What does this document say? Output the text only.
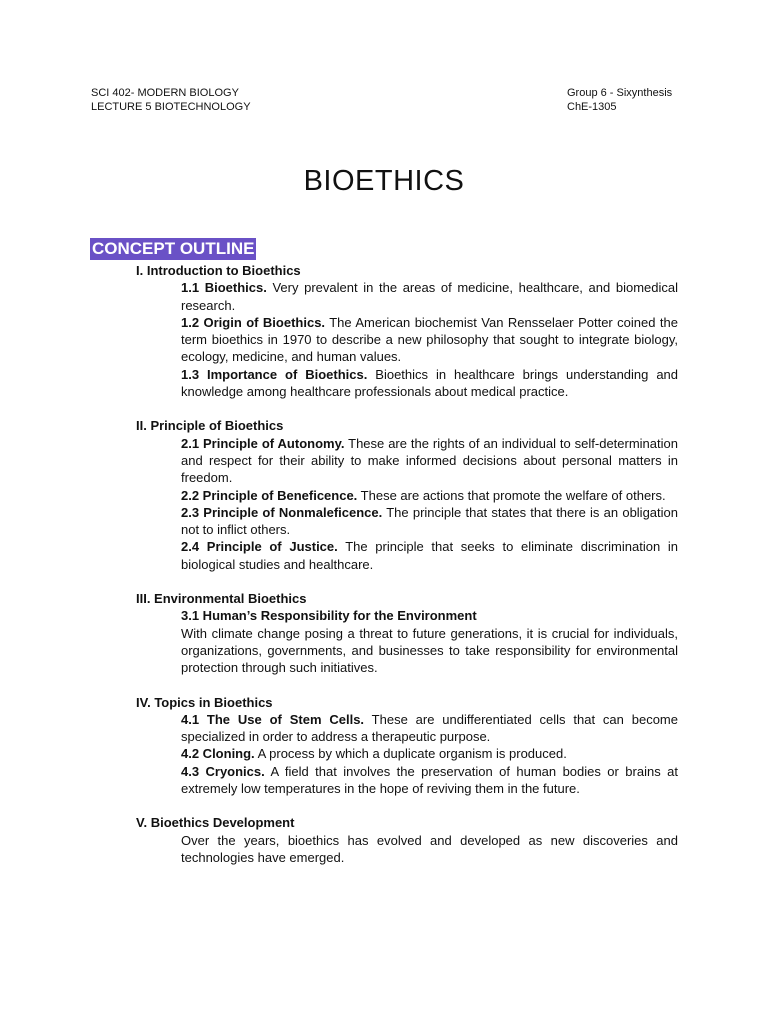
SCI 402- MODERN BIOLOGY
LECTURE 5 BIOTECHNOLOGY
Group 6 - Sixynthesis
ChE-1305
BIOETHICS
CONCEPT OUTLINE
I. Introduction to Bioethics
1.1 Bioethics. Very prevalent in the areas of medicine, healthcare, and biomedical research.
1.2 Origin of Bioethics. The American biochemist Van Rensselaer Potter coined the term bioethics in 1970 to describe a new philosophy that sought to integrate biology, ecology, medicine, and human values.
1.3 Importance of Bioethics. Bioethics in healthcare brings understanding and knowledge among healthcare professionals about medical practice.
II. Principle of Bioethics
2.1 Principle of Autonomy. These are the rights of an individual to self-determination and respect for their ability to make informed decisions about personal matters in freedom.
2.2 Principle of Beneficence. These are actions that promote the welfare of others.
2.3 Principle of Nonmaleficence. The principle that states that there is an obligation not to inflict others.
2.4 Principle of Justice. The principle that seeks to eliminate discrimination in biological studies and healthcare.
III. Environmental Bioethics
3.1 Human’s Responsibility for the Environment
With climate change posing a threat to future generations, it is crucial for individuals, organizations, governments, and businesses to take responsibility for environmental protection through such initiatives.
IV. Topics in Bioethics
4.1 The Use of Stem Cells. These are undifferentiated cells that can become specialized in order to address a therapeutic purpose.
4.2 Cloning. A process by which a duplicate organism is produced.
4.3 Cryonics. A field that involves the preservation of human bodies or brains at extremely low temperatures in the hope of reviving them in the future.
V. Bioethics Development
Over the years, bioethics has evolved and developed as new discoveries and technologies have emerged.
